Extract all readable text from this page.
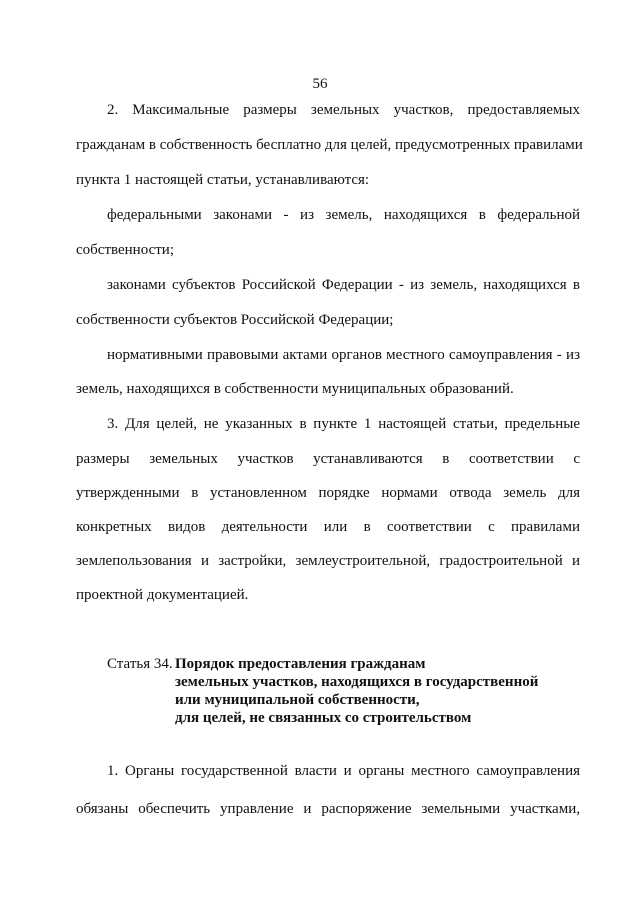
56
2. Максимальные размеры земельных участков, предоставляемых
гражданам в собственность бесплатно для целей, предусмотренных правилами
пункта 1 настоящей статьи, устанавливаются:
федеральными законами - из земель, находящихся в федеральной
собственности;
законами субъектов Российской Федерации - из земель, находящихся в
собственности субъектов Российской Федерации;
нормативными правовыми актами органов местного самоуправления - из
земель, находящихся в собственности муниципальных образований.
3. Для целей, не указанных в пункте 1 настоящей статьи, предельные
размеры земельных участков устанавливаются в соответствии с
утвержденными в установленном порядке нормами отвода земель для
конкретных видов деятельности или в соответствии с правилами
землепользования и застройки, землеустроительной, градостроительной и
проектной документацией.
Статья 34. Порядок предоставления гражданам
земельных участков, находящихся в государственной
или муниципальной собственности,
для целей, не связанных со строительством
1. Органы государственной власти и органы местного самоуправления
обязаны обеспечить управление и распоряжение земельными участками,
